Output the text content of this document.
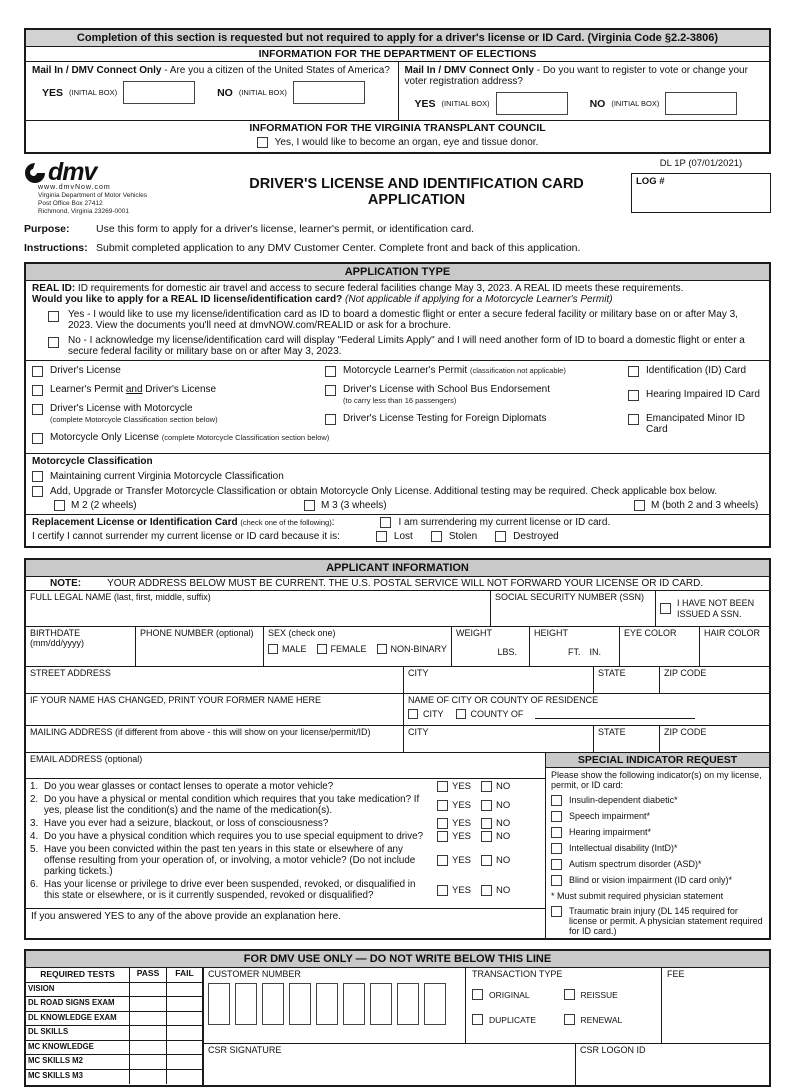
Completion of this section is requested but not required to apply for a driver's license or ID Card. (Virginia Code §2.2-3806)
INFORMATION FOR THE DEPARTMENT OF ELECTIONS
Mail In / DMV Connect Only - Are you a citizen of the United States of America?
YES (INITIAL BOX)	NO (INITIAL BOX)
Mail In / DMV Connect Only - Do you want to register to vote or change your voter registration address?
YES (INITIAL BOX)	NO (INITIAL BOX)
INFORMATION FOR THE VIRGINIA TRANSPLANT COUNCIL
Yes, I would like to become an organ, eye and tissue donor.
dmv
www.dmvNow.com
Virginia Department of Motor Vehicles
Post Office Box 27412
Richmond, Virginia 23269-0001
DRIVER'S LICENSE AND IDENTIFICATION CARD APPLICATION
DL 1P (07/01/2021)
LOG #
Purpose:	Use this form to apply for a driver's license, learner's permit, or identification card.
Instructions: Submit completed application to any DMV Customer Center. Complete front and back of this application.
APPLICATION TYPE
REAL ID: ID requirements for domestic air travel and access to secure federal facilities change May 3, 2023. A REAL ID meets these requirements.
Would you like to apply for a REAL ID license/identification card? (Not applicable if applying for a Motorcycle Learner's Permit)
Yes - I would like to use my license/identification card as ID to board a domestic flight or enter a secure federal facility or military base on or after May 3, 2023. View the documents you'll need at dmvNOW.com/REALID or ask for a brochure.
No - I acknowledge my license/identification card will display "Federal Limits Apply" and I will need another form of ID to board a domestic flight or enter a secure federal facility or military base on or after May 3, 2023.
Driver's License
Learner's Permit and Driver's License
Driver's License with Motorcycle
(complete Motorcycle Classification section below)
Motorcycle Only License (complete Motorcycle Classification section below)
Motorcycle Learner's Permit (classification not applicable)
Driver's License with School Bus Endorsement
(to carry less than 16 passengers)
Driver's License Testing for Foreign Diplomats
Identification (ID) Card
Hearing Impaired ID Card
Emancipated Minor ID Card
Motorcycle Classification
Maintaining current Virginia Motorcycle Classification
Add, Upgrade or Transfer Motorcycle Classification or obtain Motorcycle Only License. Additional testing may be required. Check applicable box below.
M 2 (2 wheels)	M 3 (3 wheels)	M (both 2 and 3 wheels)
Replacement License or Identification Card (check one of the following):	I am surrendering my current license or ID card.
I certify I cannot surrender my current license or ID card because it is:	Lost	Stolen	Destroyed
APPLICANT INFORMATION
NOTE:	YOUR ADDRESS BELOW MUST BE CURRENT. THE U.S. POSTAL SERVICE WILL NOT FORWARD YOUR LICENSE OR ID CARD.
FULL LEGAL NAME (last, first, middle, suffix)	SOCIAL SECURITY NUMBER (SSN)
I HAVE NOT BEEN ISSUED A SSN.
BIRTHDATE (mm/dd/yyyy)
PHONE NUMBER (optional)	SEX (check one)
MALE	FEMALE	NON-BINARY
WEIGHT
LBS.
HEIGHT
FT. IN.
EYE COLOR	HAIR COLOR
STREET ADDRESS	CITY	STATE	ZIP CODE
IF YOUR NAME HAS CHANGED, PRINT YOUR FORMER NAME HERE	NAME OF CITY OR COUNTY OF RESIDENCE
CITY	COUNTY OF
MAILING ADDRESS (if different from above - this will show on your license/permit/ID)	CITY	STATE	ZIP CODE
EMAIL ADDRESS (optional)
1. Do you wear glasses or contact lenses to operate a motor vehicle?	YES	NO
2. Do you have a physical or mental condition which requires that you take medication? If yes, please list the condition(s) and the name of the medication(s).	YES	NO
3. Have you ever had a seizure, blackout, or loss of consciousness?	YES	NO
4. Do you have a physical condition which requires you to use special equipment to drive?	YES	NO
5. Have you been convicted within the past ten years in this state or elsewhere of any offense resulting from your operation of, or involving, a motor vehicle? (Do not include parking tickets.)
YES	NO
6. Has your license or privilege to drive ever been suspended, revoked, or disqualified in this state or elsewhere, or is it currently suspended, revoked or disqualified?	YES	NO
If you answered YES to any of the above provide an explanation here.
SPECIAL INDICATOR REQUEST
Please show the following indicator(s) on my license, permit, or ID card:
Insulin-dependent diabetic*
Speech impairment*
Hearing impairment*
Intellectual disability (IntD)*
Autism spectrum disorder (ASD)*
Blind or vision impairment (ID card only)*
* Must submit required physician statement
Traumatic brain injury (DL 145 required for license or permit. A physician statement required for ID card.)
FOR DMV USE ONLY — DO NOT WRITE BELOW THIS LINE
REQUIRED TESTS	PASS	FAIL
VISION
DL ROAD SIGNS EXAM
DL KNOWLEDGE EXAM
DL SKILLS
MC KNOWLEDGE
MC SKILLS M2
MC SKILLS M3
CUSTOMER NUMBER	TRANSACTION TYPE
ORIGINAL	REISSUE
DUPLICATE	RENEWAL
FEE
CSR SIGNATURE	CSR LOGON ID
